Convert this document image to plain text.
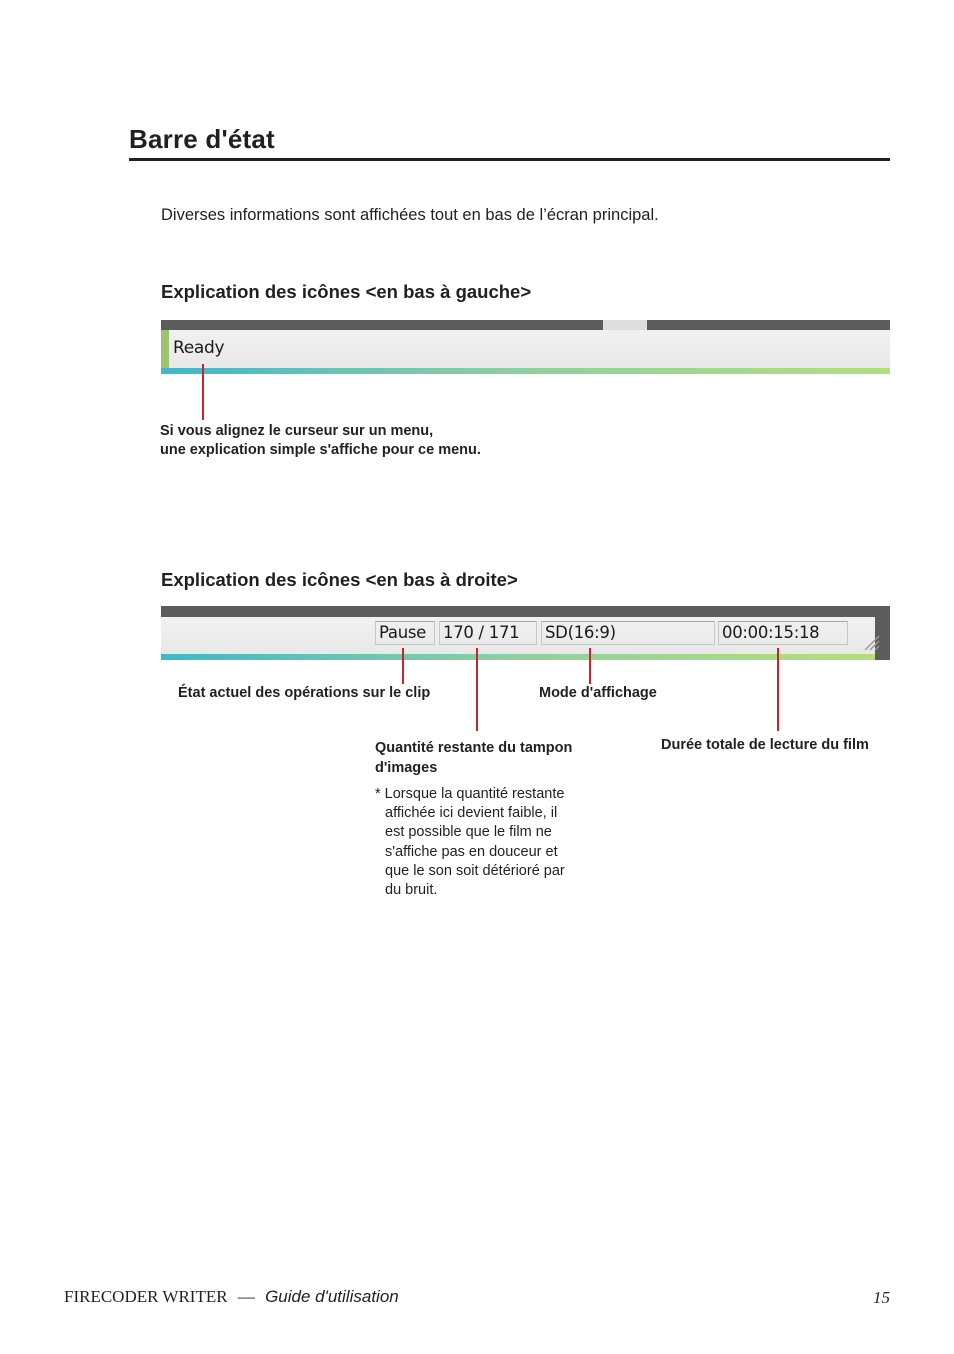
Barre d'état
Diverses informations sont affichées tout en bas de l’écran principal.
Explication des icônes <en bas à gauche>
Ready
Si vous alignez le curseur sur un menu,
une explication simple s'affiche pour ce menu.
Explication des icônes <en bas à droite>
Pause	170 / 171	SD(16:9)	00:00:15:18
État actuel des opérations sur le clip	Mode d'affichage
Quantité restante du tampon
d'images
Durée totale de lecture du film
* Lorsque la quantité restante
affichée ici devient faible, il
est possible que le film ne
s'affiche pas en douceur et
que le son soit détérioré par
du bruit.
FIRECODER WRITER — Guide d'utilisation	15
